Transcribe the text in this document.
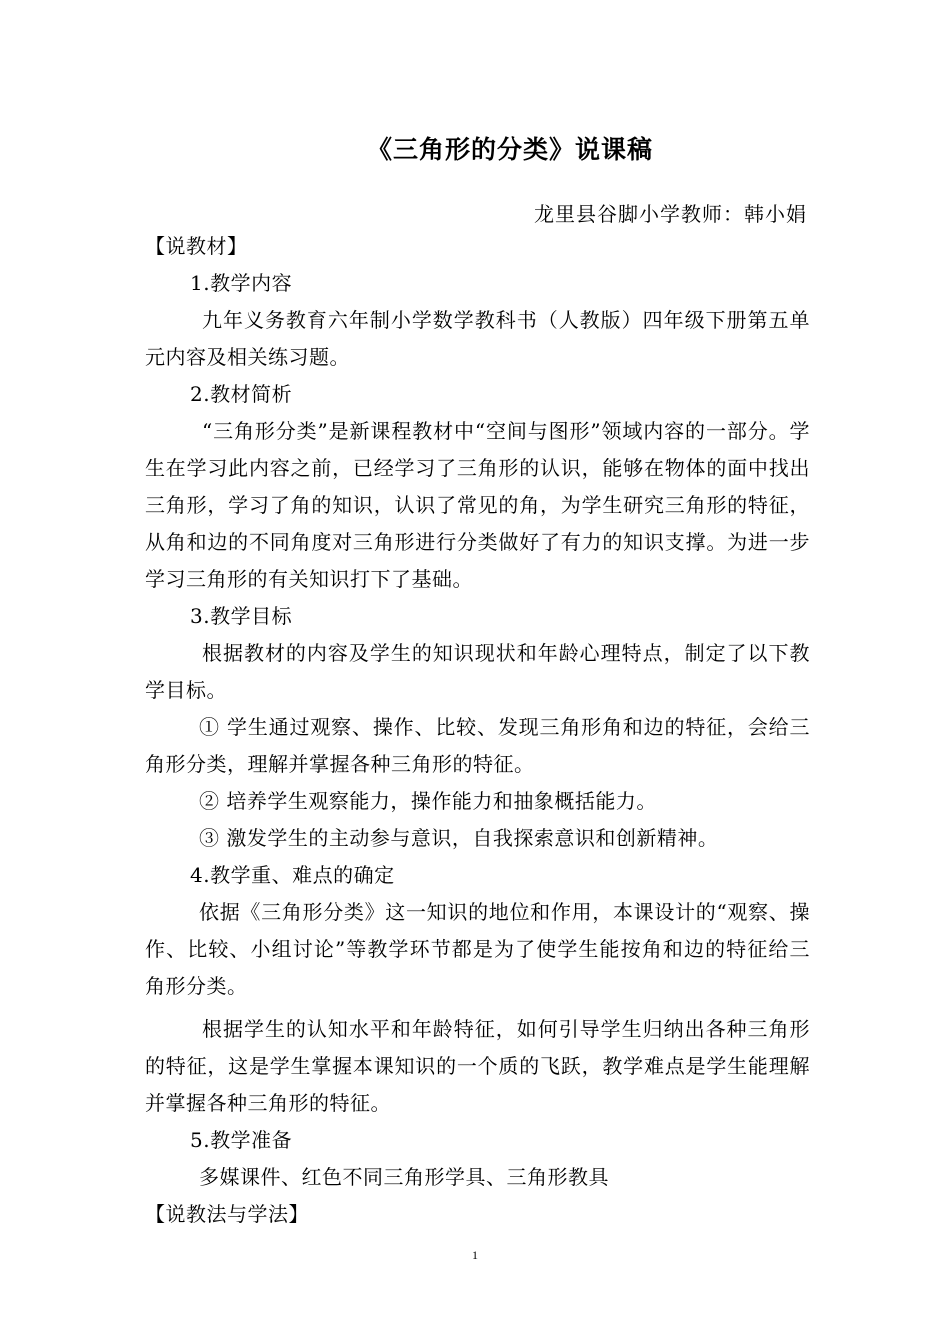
《三角形的分类》说课稿
龙里县谷脚小学教师：韩小娟

【说教材】

1.教学内容

九年义务教育六年制小学数学教科书（人教版）四年级下册第五单元内容及相关练习题。

2.教材简析

“三角形分类”是新课程教材中“空间与图形”领域内容的一部分。学生在学习此内容之前，已经学习了三角形的认识，能够在物体的面中找出三角形，学习了角的知识，认识了常见的角，为学生研究三角形的特征，从角和边的不同角度对三角形进行分类做好了有力的知识支撑。为进一步学习三角形的有关知识打下了基础。

3.教学目标

根据教材的内容及学生的知识现状和年龄心理特点，制定了以下教学目标。

① 学生通过观察、操作、比较、发现三角形角和边的特征，会给三角形分类，理解并掌握各种三角形的特征。

② 培养学生观察能力，操作能力和抽象概括能力。

③ 激发学生的主动参与意识，自我探索意识和创新精神。

4.教学重、难点的确定

依据《三角形分类》这一知识的地位和作用，本课设计的“观察、操作、比较、小组讨论”等教学环节都是为了使学生能按角和边的特征给三角形分类。

根据学生的认知水平和年龄特征，如何引导学生归纳出各种三角形的特征，这是学生掌握本课知识的一个质的飞跃，教学难点是学生能理解并掌握各种三角形的特征。

5.教学准备

多媒课件、红色不同三角形学具、三角形教具

【说教法与学法】

1
